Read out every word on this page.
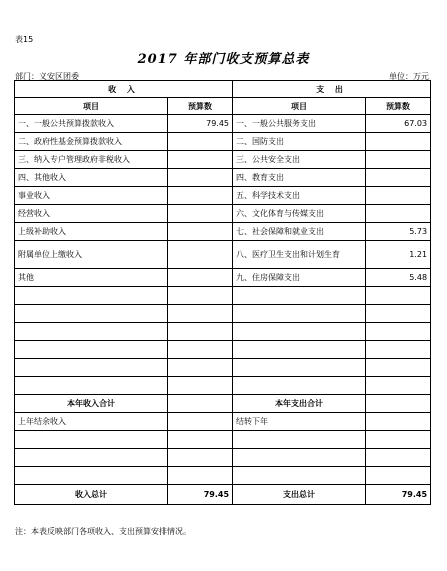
表15
2017 年部门收支预算总表
部门：义安区团委	单位：万元
收 入		支 出	
项目	预算数	项目	预算数
一、一般公共预算拨款收入	79.45	一、一般公共服务支出	67.03
二、政府性基金预算拨款收入		二、国防支出	
三、纳入专户管理政府非税收入		三、公共安全支出	
四、其他收入		四、教育支出	
事业收入		五、科学技术支出	
经营收入		六、文化体育与传媒支出	
上级补助收入		七、社会保障和就业支出	5.73
附属单位上缴收入		八、医疗卫生支出和计划生育	1.21
其他		九、住房保障支出	5.48

本年收入合计		本年支出合计	
上年结余收入		结转下年	

收入总计	79.45	支出总计	79.45
注：本表反映部门各项收入、支出预算安排情况。
